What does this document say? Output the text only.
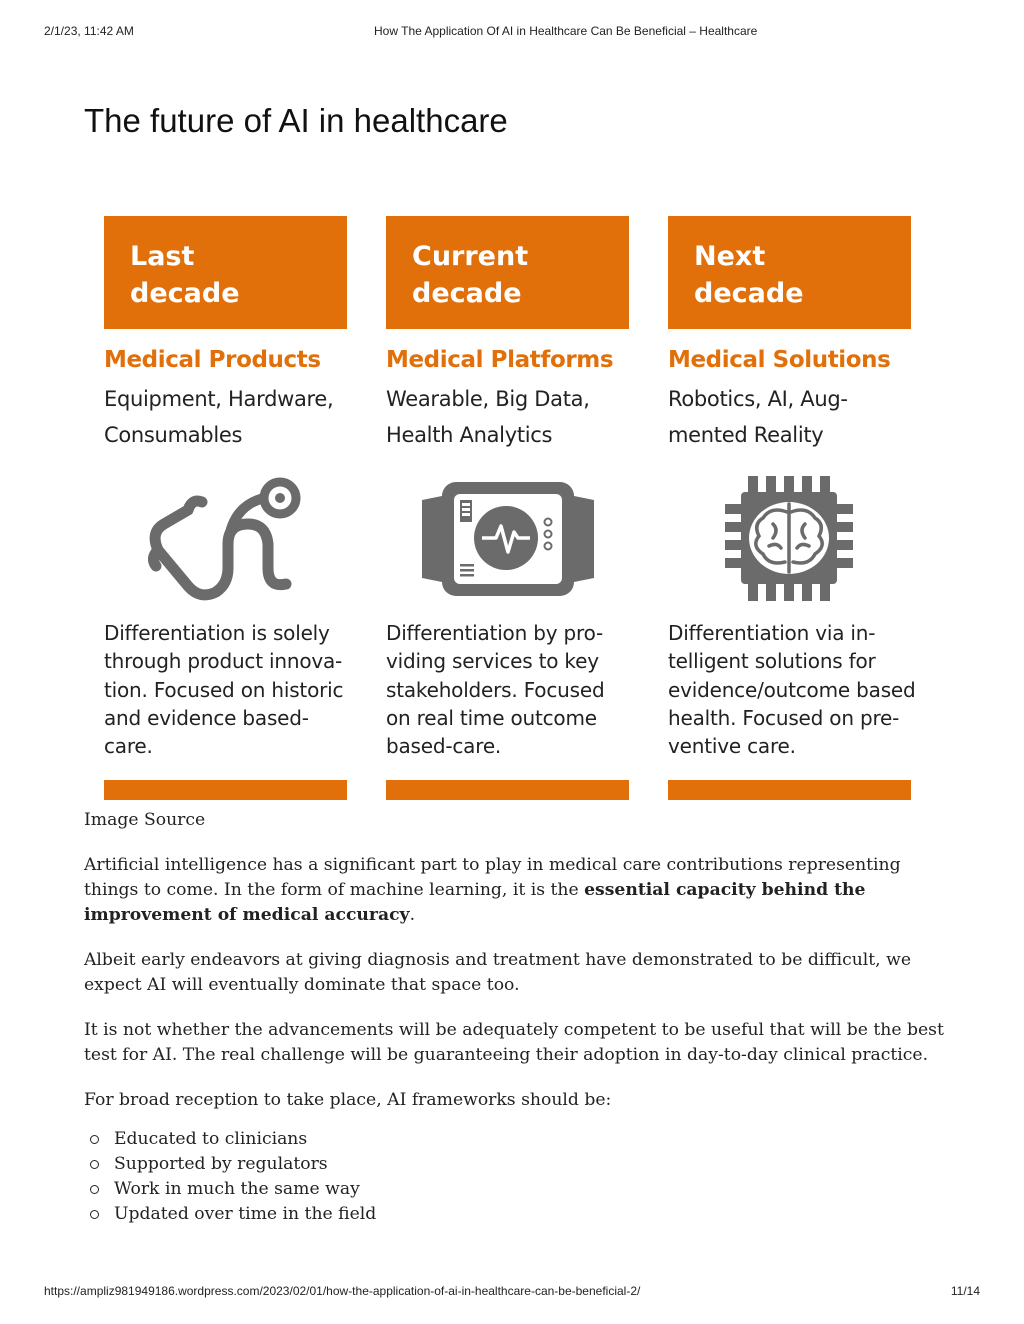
2/1/23, 11:42 AM	How The Application Of AI in Healthcare Can Be Beneficial – Healthcare
The future of AI in healthcare
Last
decade
Medical Products
Equipment, Hardware,
Consumables
Differentiation is solely
through product innova-
tion. Focused on historic
and evidence based-
care.
Current
decade
Medical Platforms
Wearable, Big Data,
Health Analytics
Differentiation by pro-
viding services to key
stakeholders. Focused
on real time outcome
based-care.
Next
decade
Medical Solutions
Robotics, AI, Aug-
mented Reality
Differentiation via in-
telligent solutions for
evidence/outcome based
health. Focused on pre-
ventive care.

Image Source

Artificial intelligence has a significant part to play in medical care contributions representing things to come. In the form of machine learning, it is the essential capacity behind the improvement of medical accuracy.

Albeit early endeavors at giving diagnosis and treatment have demonstrated to be difficult, we expect AI will eventually dominate that space too.

It is not whether the advancements will be adequately competent to be useful that will be the best test for AI. The real challenge will be guaranteeing their adoption in day-to-day clinical practice.

For broad reception to take place, AI frameworks should be:

Educated to clinicians
Supported by regulators
Work in much the same way
Updated over time in the field
https://ampliz981949186.wordpress.com/2023/02/01/how-the-application-of-ai-in-healthcare-can-be-beneficial-2/	11/14
